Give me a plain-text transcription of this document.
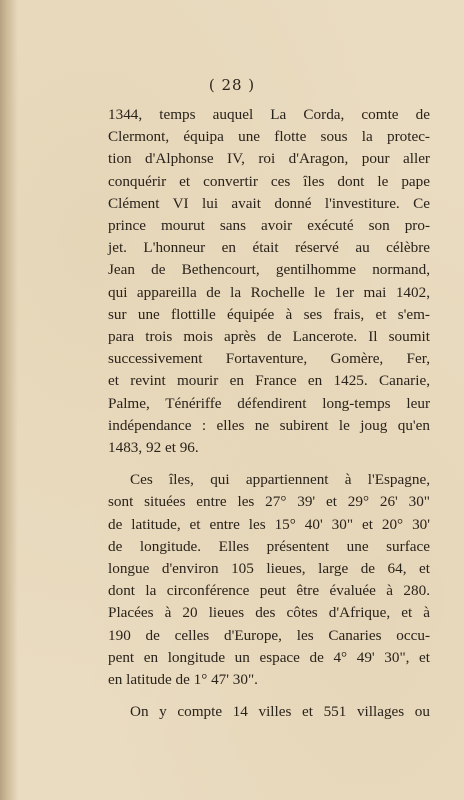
( 28 )
1344, temps auquel La Corda, comte de
Clermont, équipa une flotte sous la protec-
tion d'Alphonse IV, roi d'Aragon, pour aller
conquérir et convertir ces îles dont le pape
Clément VI lui avait donné l'investiture. Ce
prince mourut sans avoir exécuté son pro-
jet. L'honneur en était réservé au célèbre
Jean de Bethencourt, gentilhomme normand,
qui appareilla de la Rochelle le 1er mai 1402,
sur une flottille équipée à ses frais, et s'em-
para trois mois après de Lancerote. Il soumit
successivement Fortaventure, Gomère, Fer,
et revint mourir en France en 1425. Canarie,
Palme, Ténériffe défendirent long-temps leur
indépendance : elles ne subirent le joug qu'en
1483, 92 et 96.
Ces îles, qui appartiennent à l'Espagne,
sont situées entre les 27° 39' et 29° 26' 30"
de latitude, et entre les 15° 40' 30" et 20° 30'
de longitude. Elles présentent une surface
longue d'environ 105 lieues, large de 64, et
dont la circonférence peut être évaluée à 280.
Placées à 20 lieues des côtes d'Afrique, et à
190 de celles d'Europe, les Canaries occu-
pent en longitude un espace de 4° 49' 30", et
en latitude de 1° 47' 30".
On y compte 14 villes et 551 villages ou
